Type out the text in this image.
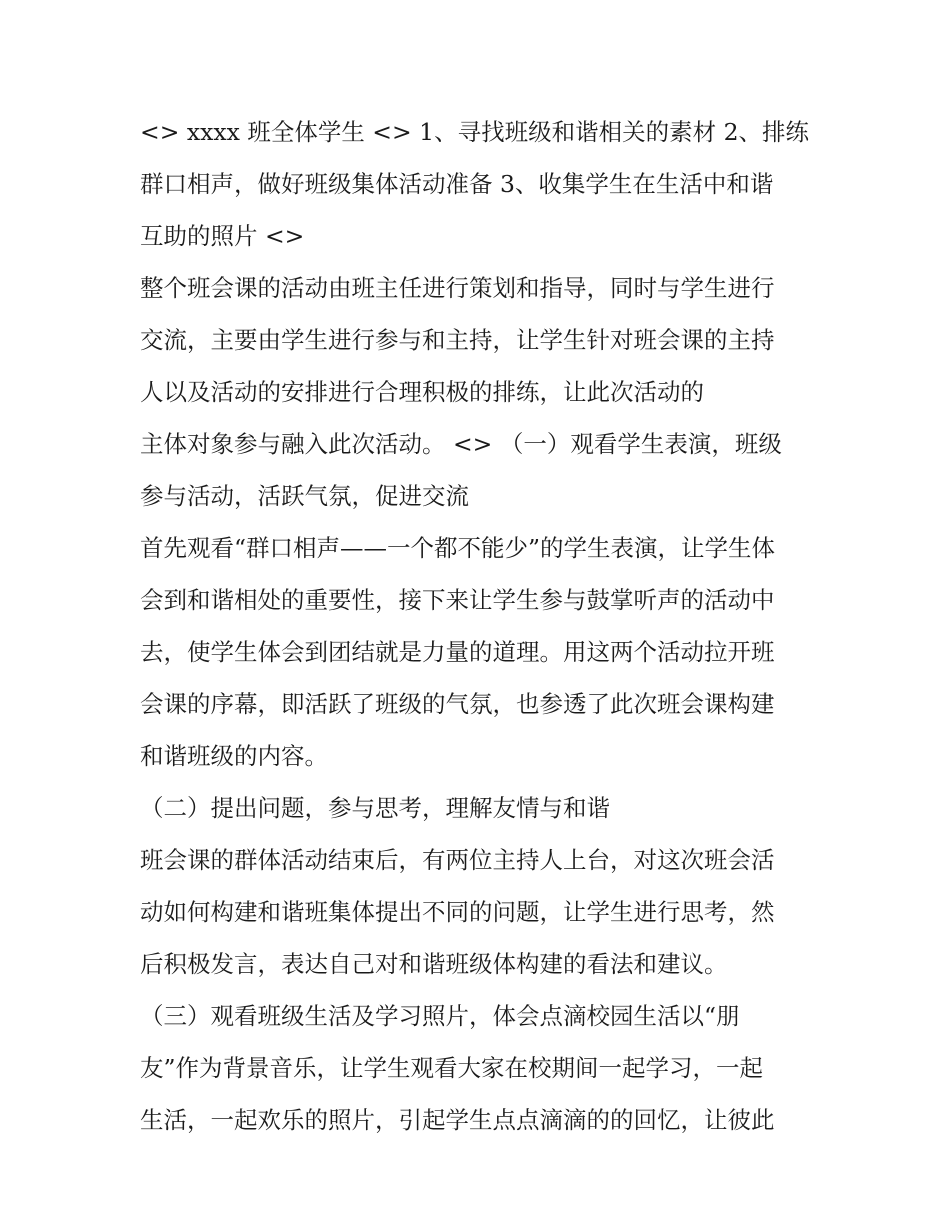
<> xxxx 班全体学生 <> 1、寻找班级和谐相关的素材 2、排练
群口相声，做好班级集体活动准备 3、收集学生在生活中和谐
互助的照片 <>
整个班会课的活动由班主任进行策划和指导，同时与学生进行
交流，主要由学生进行参与和主持，让学生针对班会课的主持
人以及活动的安排进行合理积极的排练，让此次活动的
主体对象参与融入此次活动。 <> （一）观看学生表演，班级
参与活动，活跃气氛，促进交流
首先观看“群口相声——一个都不能少”的学生表演，让学生体
会到和谐相处的重要性，接下来让学生参与鼓掌听声的活动中
去，使学生体会到团结就是力量的道理。用这两个活动拉开班
会课的序幕，即活跃了班级的气氛，也参透了此次班会课构建
和谐班级的内容。
（二）提出问题，参与思考，理解友情与和谐
班会课的群体活动结束后，有两位主持人上台，对这次班会活
动如何构建和谐班集体提出不同的问题，让学生进行思考，然
后积极发言，表达自己对和谐班级体构建的看法和建议。
（三）观看班级生活及学习照片，体会点滴校园生活以“朋
友”作为背景音乐，让学生观看大家在校期间一起学习，一起
生活，一起欢乐的照片，引起学生点点滴滴的的回忆，让彼此
